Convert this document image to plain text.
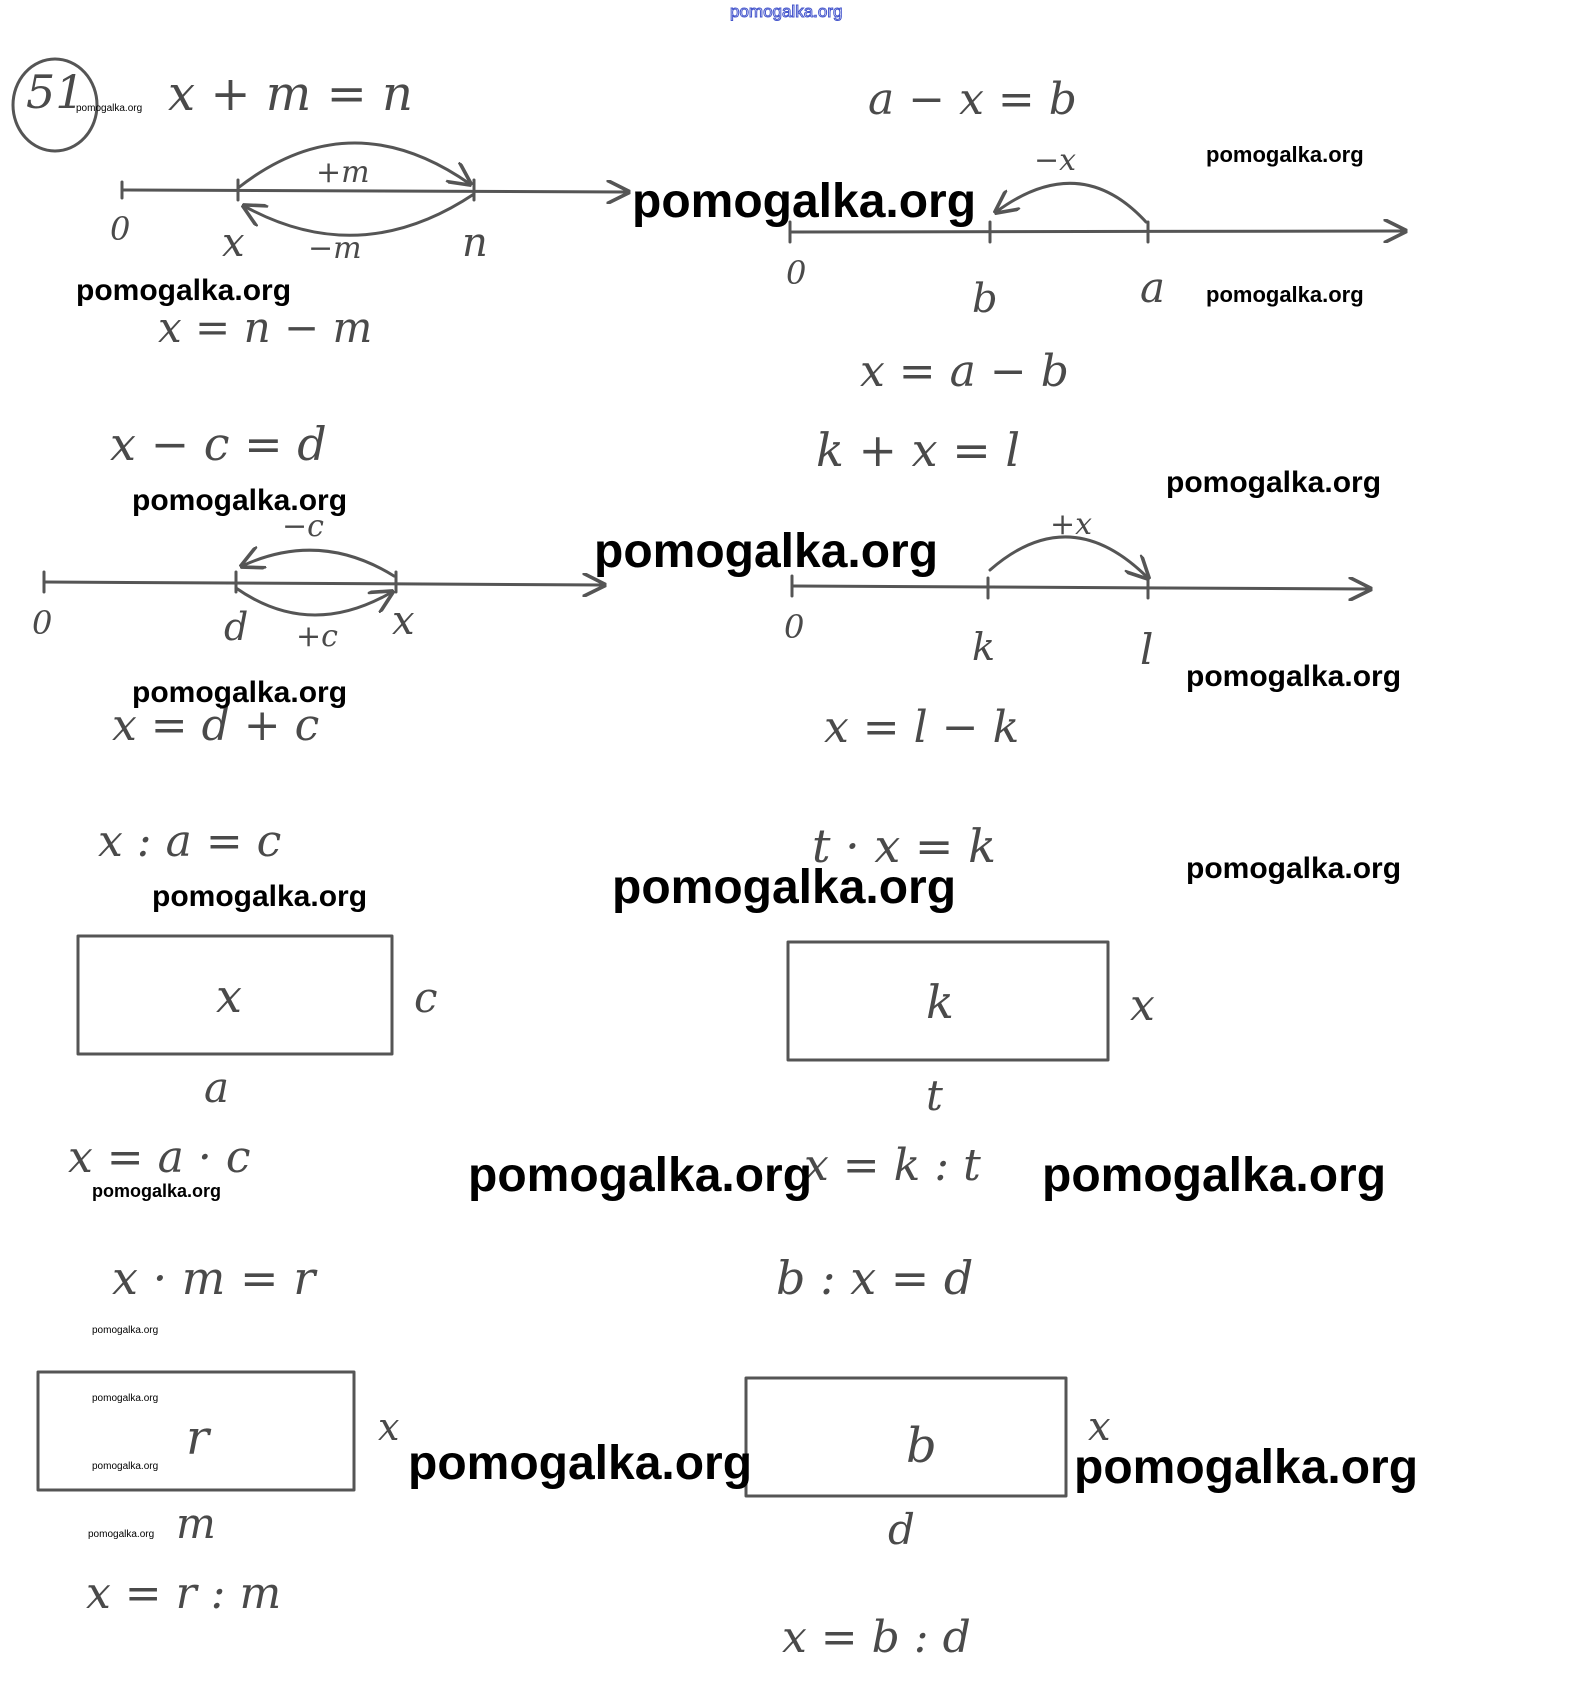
51 x + m = n
+m
−m
0 x	n
x = n − m
a − x = b
−x
0
b	a
x = a − b
x − c = d
−c
+c
0	d	x
x = d + c
k + x = l
+x
0	k	l
x = l − k
x : a = c
x	c
a
x = a · c
t · x = k
k	x
t
x = k : t
x · m = r
r	x
m
x = r : m
b : x = d
b	x
d
x = b : d
pomogalka.org
pomogalka.org
pomogalka.org
pomogalka.org
pomogalka.org	pomogalka.org
pomogalka.org
pomogalka.org
pomogalka.org
pomogalka.org
pomogalka.org
pomogalka.org
pomogalka.org
pomogalka.org
pomogalka.org	pomogalka.org
pomogalka.org
pomogalka.org
pomogalka.org
pomogalka.org	pomogalka.org
pomogalka.org
pomogalka.org
